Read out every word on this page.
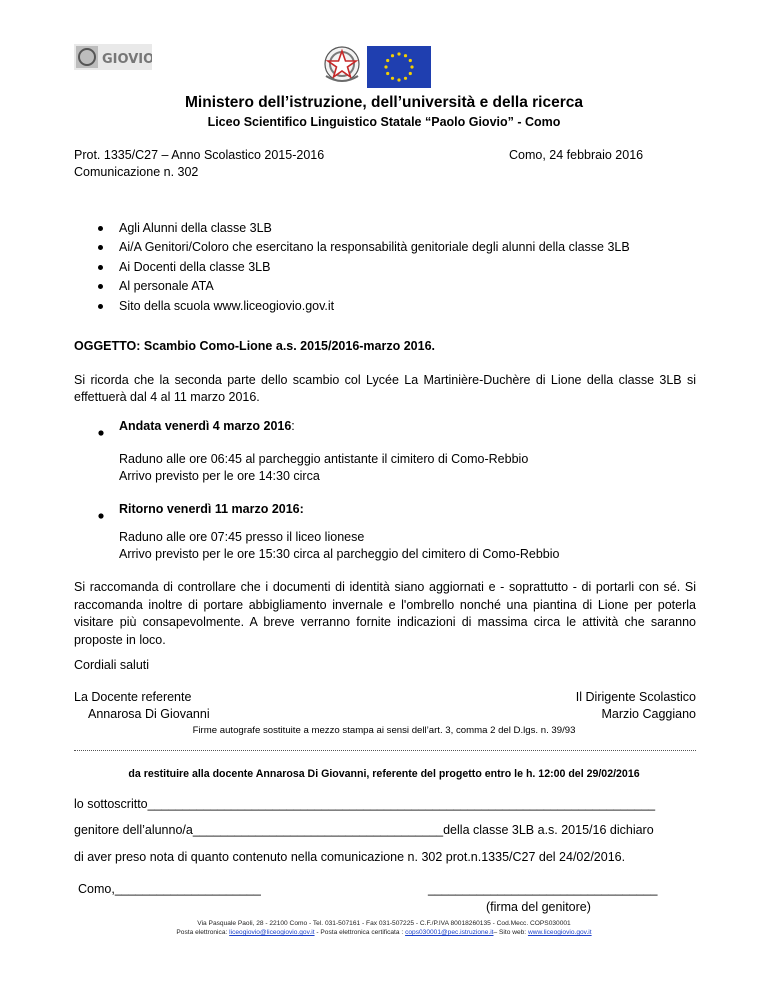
GIOVIO
Ministero dell’istruzione, dell’università e della ricerca
Liceo Scientifico Linguistico Statale “Paolo Giovio” - Como
Prot. 1335/C27 – Anno Scolastico 2015-2016
Comunicazione n. 302
Como, 24 febbraio 2016
Agli Alunni della classe 3LB
Ai/A Genitori/Coloro che esercitano la responsabilità genitoriale degli alunni della classe 3LB
Ai Docenti della classe 3LB
Al personale ATA
Sito della scuola www.liceogiovio.gov.it
OGGETTO: Scambio Como-Lione a.s. 2015/2016-marzo 2016.
Si ricorda che la seconda parte dello scambio col Lycée La Martinière-Duchère di Lione della classe 3LB si effettuerà dal 4 al 11 marzo 2016.
Andata venerdì 4 marzo 2016:
Raduno alle ore 06:45 al parcheggio antistante il cimitero di Como-Rebbio
Arrivo previsto per le ore 14:30 circa
Ritorno venerdì 11 marzo 2016:
Raduno alle ore 07:45 presso il liceo lionese
Arrivo previsto per le ore 15:30 circa al parcheggio del cimitero di Como-Rebbio
Si raccomanda di controllare che i documenti di identità siano aggiornati e - soprattutto - di portarli con sé. Si raccomanda inoltre di portare abbigliamento invernale e l'ombrello nonché una piantina di Lione per poterla visitare più consapevolmente. A breve verranno fornite indicazioni di massima circa le attività che saranno proposte in loco.
Cordiali saluti
La Docente referente
Annarosa Di Giovanni
Il Dirigente Scolastico
Marzio Caggiano
Firme autografe sostituite a mezzo stampa ai sensi dell’art. 3, comma 2 del D.lgs. n. 39/93
da restituire alla docente Annarosa Di Giovanni, referente del progetto entro le h. 12:00 del 29/02/2016
lo sottoscritto_________________________________________________________________________
genitore dell’alunno/a____________________________________della classe 3LB a.s. 2015/16 dichiaro
di aver preso nota di quanto contenuto nella comunicazione n. 302 prot.n.1335/C27 del 24/02/2016.
Como,_____________________	_________________________________
(firma del genitore)
Via Pasquale Paoli, 28 - 22100 Como - Tel. 031-507161 - Fax 031-507225 - C.F./P.IVA 80018260135 - Cod.Mecc. COPS030001
Posta elettronica: liceogiovio@liceogiovio.gov.it - Posta elettronica certificata : cops030001@pec.istruzione.it– Sito web: www.liceogiovio.gov.it
